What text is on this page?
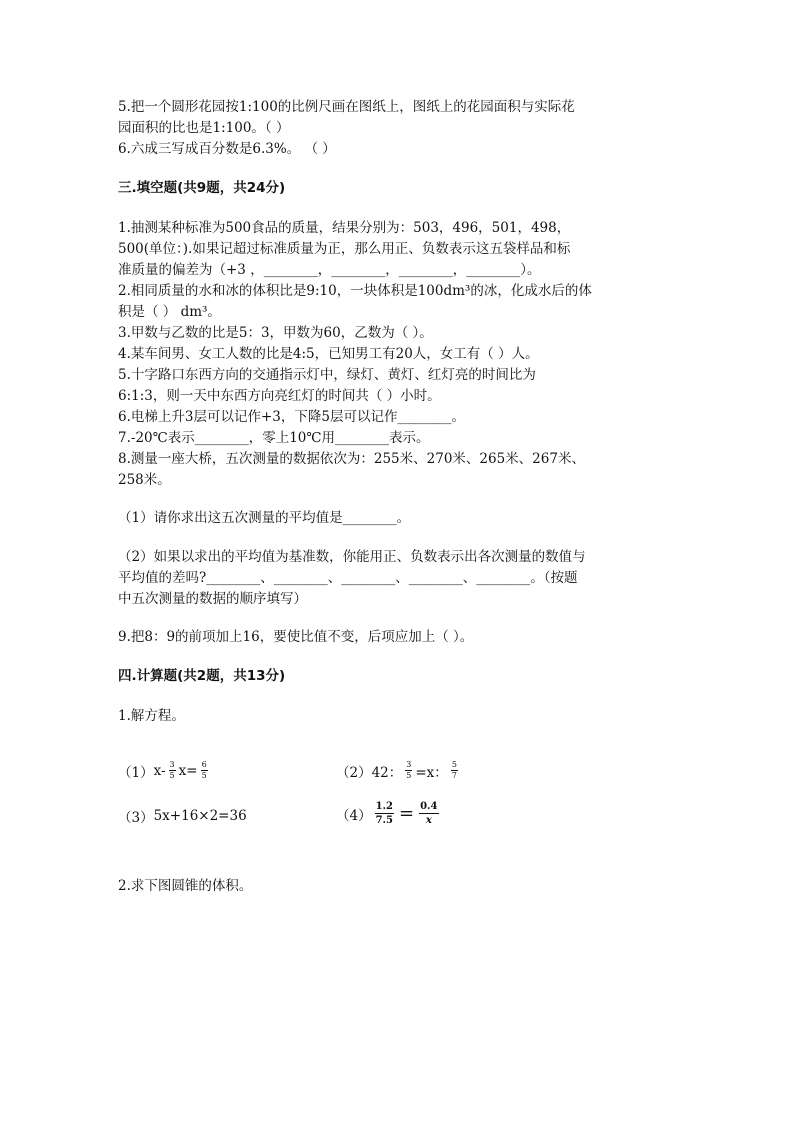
5.把一个圆形花园按1:100的比例尺画在图纸上，图纸上的花园面积与实际花
园面积的比也是1:100。（ ）
6.六成三写成百分数是6.3%。 （ ）
三.填空题(共9题，共24分)
1.抽测某种标准为500食品的质量，结果分别为：503，496，501，498，
500(单位：).如果记超过标准质量为正，那么用正、负数表示这五袋样品和标
准质量的偏差为（+3 ，________，________，________，________）。
2.相同质量的水和冰的体积比是9:10，一块体积是100dm³的冰，化成水后的体
积是（ ） dm³。
3.甲数与乙数的比是5：3，甲数为60，乙数为（ ）。
4.某车间男、女工人数的比是4:5，已知男工有20人，女工有（ ）人。
5.十字路口东西方向的交通指示灯中，绿灯、黄灯、红灯亮的时间比为
6:1:3，则一天中东西方向亮红灯的时间共（ ）小时。
6.电梯上升3层可以记作+3，下降5层可以记作________。
7.-20℃表示________，零上10℃用________表示。
8.测量一座大桥，五次测量的数据依次为：255米、270米、265米、267米、
258米。
（1）请你求出这五次测量的平均值是________。
（2）如果以求出的平均值为基准数，你能用正、负数表示出各次测量的数值与
平均值的差吗?________、________、________、________、________。（按题
中五次测量的数据的顺序填写）
9.把8：9的前项加上16，要使比值不变，后项应加上（ ）。
四.计算题(共2题，共13分)
1.解方程。
（1） $x- \frac{3}{5} x= \frac{6}{5}$	（2） 42： $\frac{3}{5} =x$： $\frac{5}{7}$
（3） 5x+16×2=36	$(4) \frac{1.2}{7.5} = \frac{0.4}{x}$
2.求下图圆锥的体积。
